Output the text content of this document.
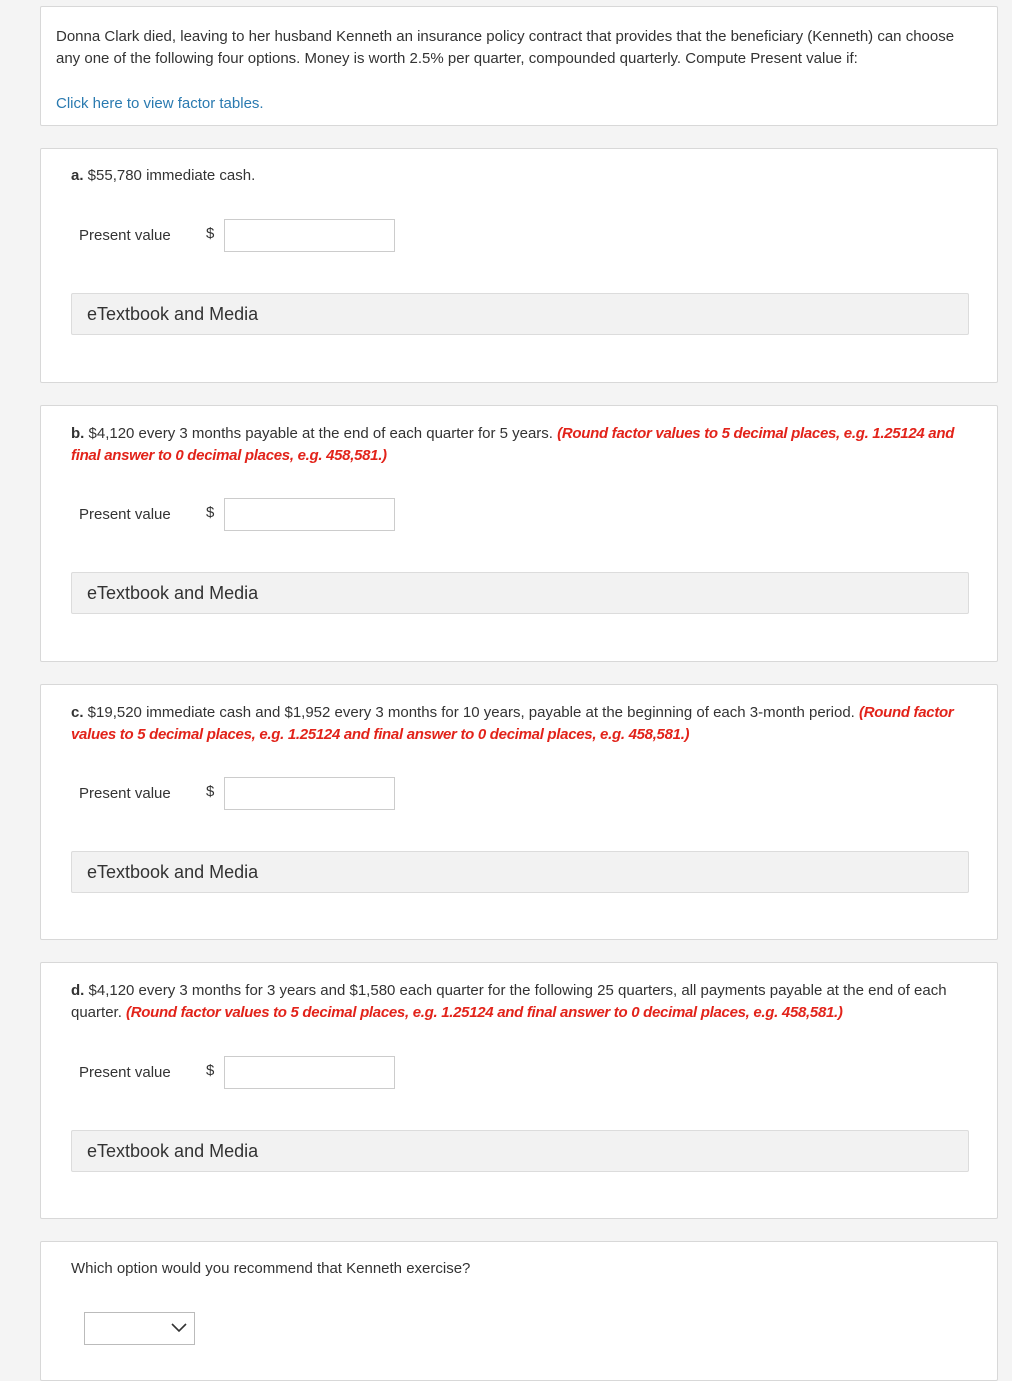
Donna Clark died, leaving to her husband Kenneth an insurance policy contract that provides that the beneficiary (Kenneth) can choose any one of the following four options. Money is worth 2.5% per quarter, compounded quarterly. Compute Present value if:
Click here to view factor tables.
a. $55,780 immediate cash.
Present value $
eTextbook and Media
b. $4,120 every 3 months payable at the end of each quarter for 5 years. (Round factor values to 5 decimal places, e.g. 1.25124 and final answer to 0 decimal places, e.g. 458,581.)
Present value $
eTextbook and Media
c. $19,520 immediate cash and $1,952 every 3 months for 10 years, payable at the beginning of each 3-month period. (Round factor values to 5 decimal places, e.g. 1.25124 and final answer to 0 decimal places, e.g. 458,581.)
Present value $
eTextbook and Media
d. $4,120 every 3 months for 3 years and $1,580 each quarter for the following 25 quarters, all payments payable at the end of each quarter. (Round factor values to 5 decimal places, e.g. 1.25124 and final answer to 0 decimal places, e.g. 458,581.)
Present value $
eTextbook and Media
Which option would you recommend that Kenneth exercise?
